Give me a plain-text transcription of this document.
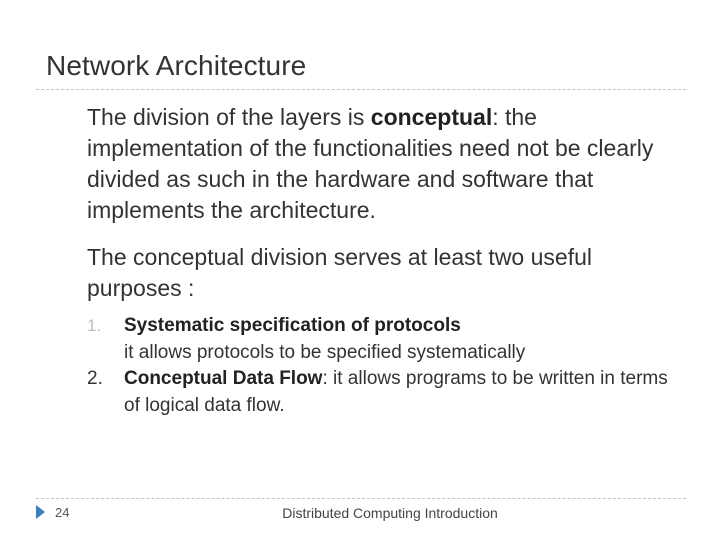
Network Architecture
The division of the layers is conceptual: the implementation of the functionalities need not be clearly divided as such in the hardware and software that implements the architecture.
The conceptual division serves at least two useful purposes :
1.	Systematic specification of protocols
it allows protocols to be specified systematically
2.	Conceptual Data Flow: it allows programs to be written in terms of logical data flow.
24	Distributed Computing Introduction
